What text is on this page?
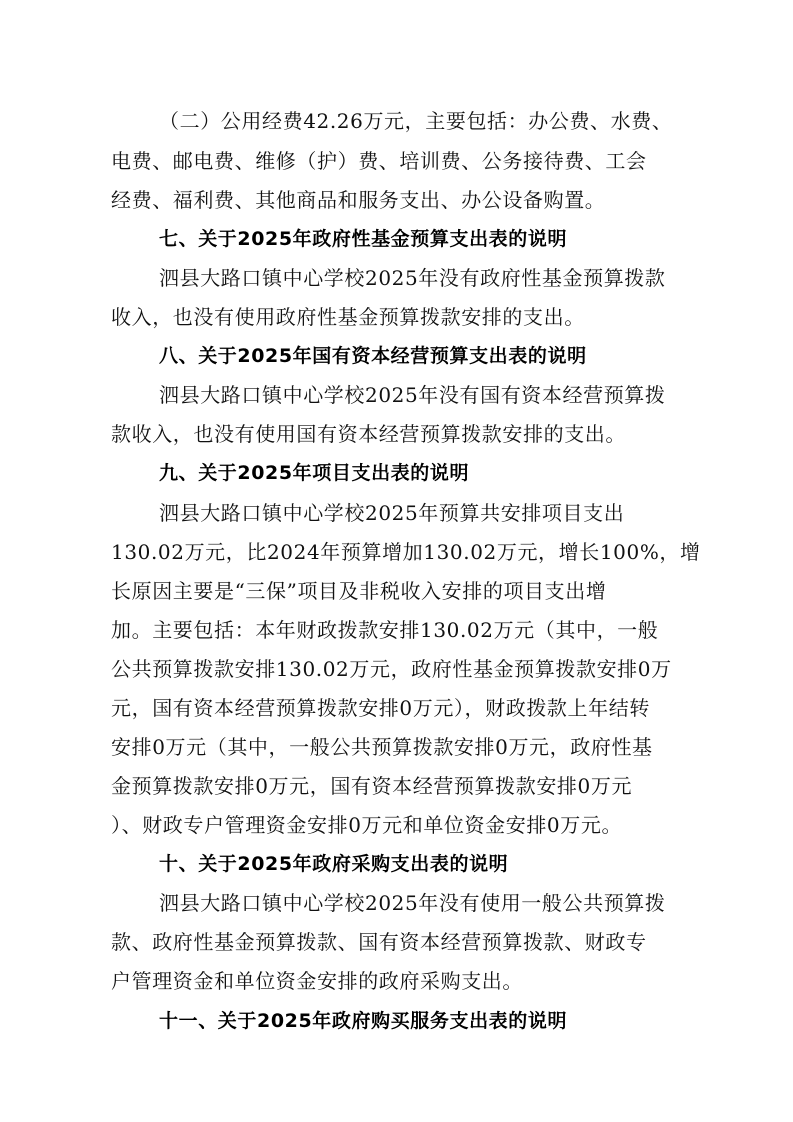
（二）公用经费42.26万元，主要包括：办公费、水费、
电费、邮电费、维修（护）费、培训费、公务接待费、工会
经费、福利费、其他商品和服务支出、办公设备购置。
七、关于2025年政府性基金预算支出表的说明
泗县大路口镇中心学校2025年没有政府性基金预算拨款
收入，也没有使用政府性基金预算拨款安排的支出。
八、关于2025年国有资本经营预算支出表的说明
泗县大路口镇中心学校2025年没有国有资本经营预算拨
款收入，也没有使用国有资本经营预算拨款安排的支出。
九、关于2025年项目支出表的说明
泗县大路口镇中心学校2025年预算共安排项目支出
130.02万元，比2024年预算增加130.02万元，增长100%，增
长原因主要是“三保”项目及非税收入安排的项目支出增
加。主要包括：本年财政拨款安排130.02万元（其中，一般
公共预算拨款安排130.02万元，政府性基金预算拨款安排0万
元，国有资本经营预算拨款安排0万元），财政拨款上年结转
安排0万元（其中，一般公共预算拨款安排0万元，政府性基
金预算拨款安排0万元，国有资本经营预算拨款安排0万元
）、财政专户管理资金安排0万元和单位资金安排0万元。
十、关于2025年政府采购支出表的说明
泗县大路口镇中心学校2025年没有使用一般公共预算拨
款、政府性基金预算拨款、国有资本经营预算拨款、财政专
户管理资金和单位资金安排的政府采购支出。
十一、关于2025年政府购买服务支出表的说明
